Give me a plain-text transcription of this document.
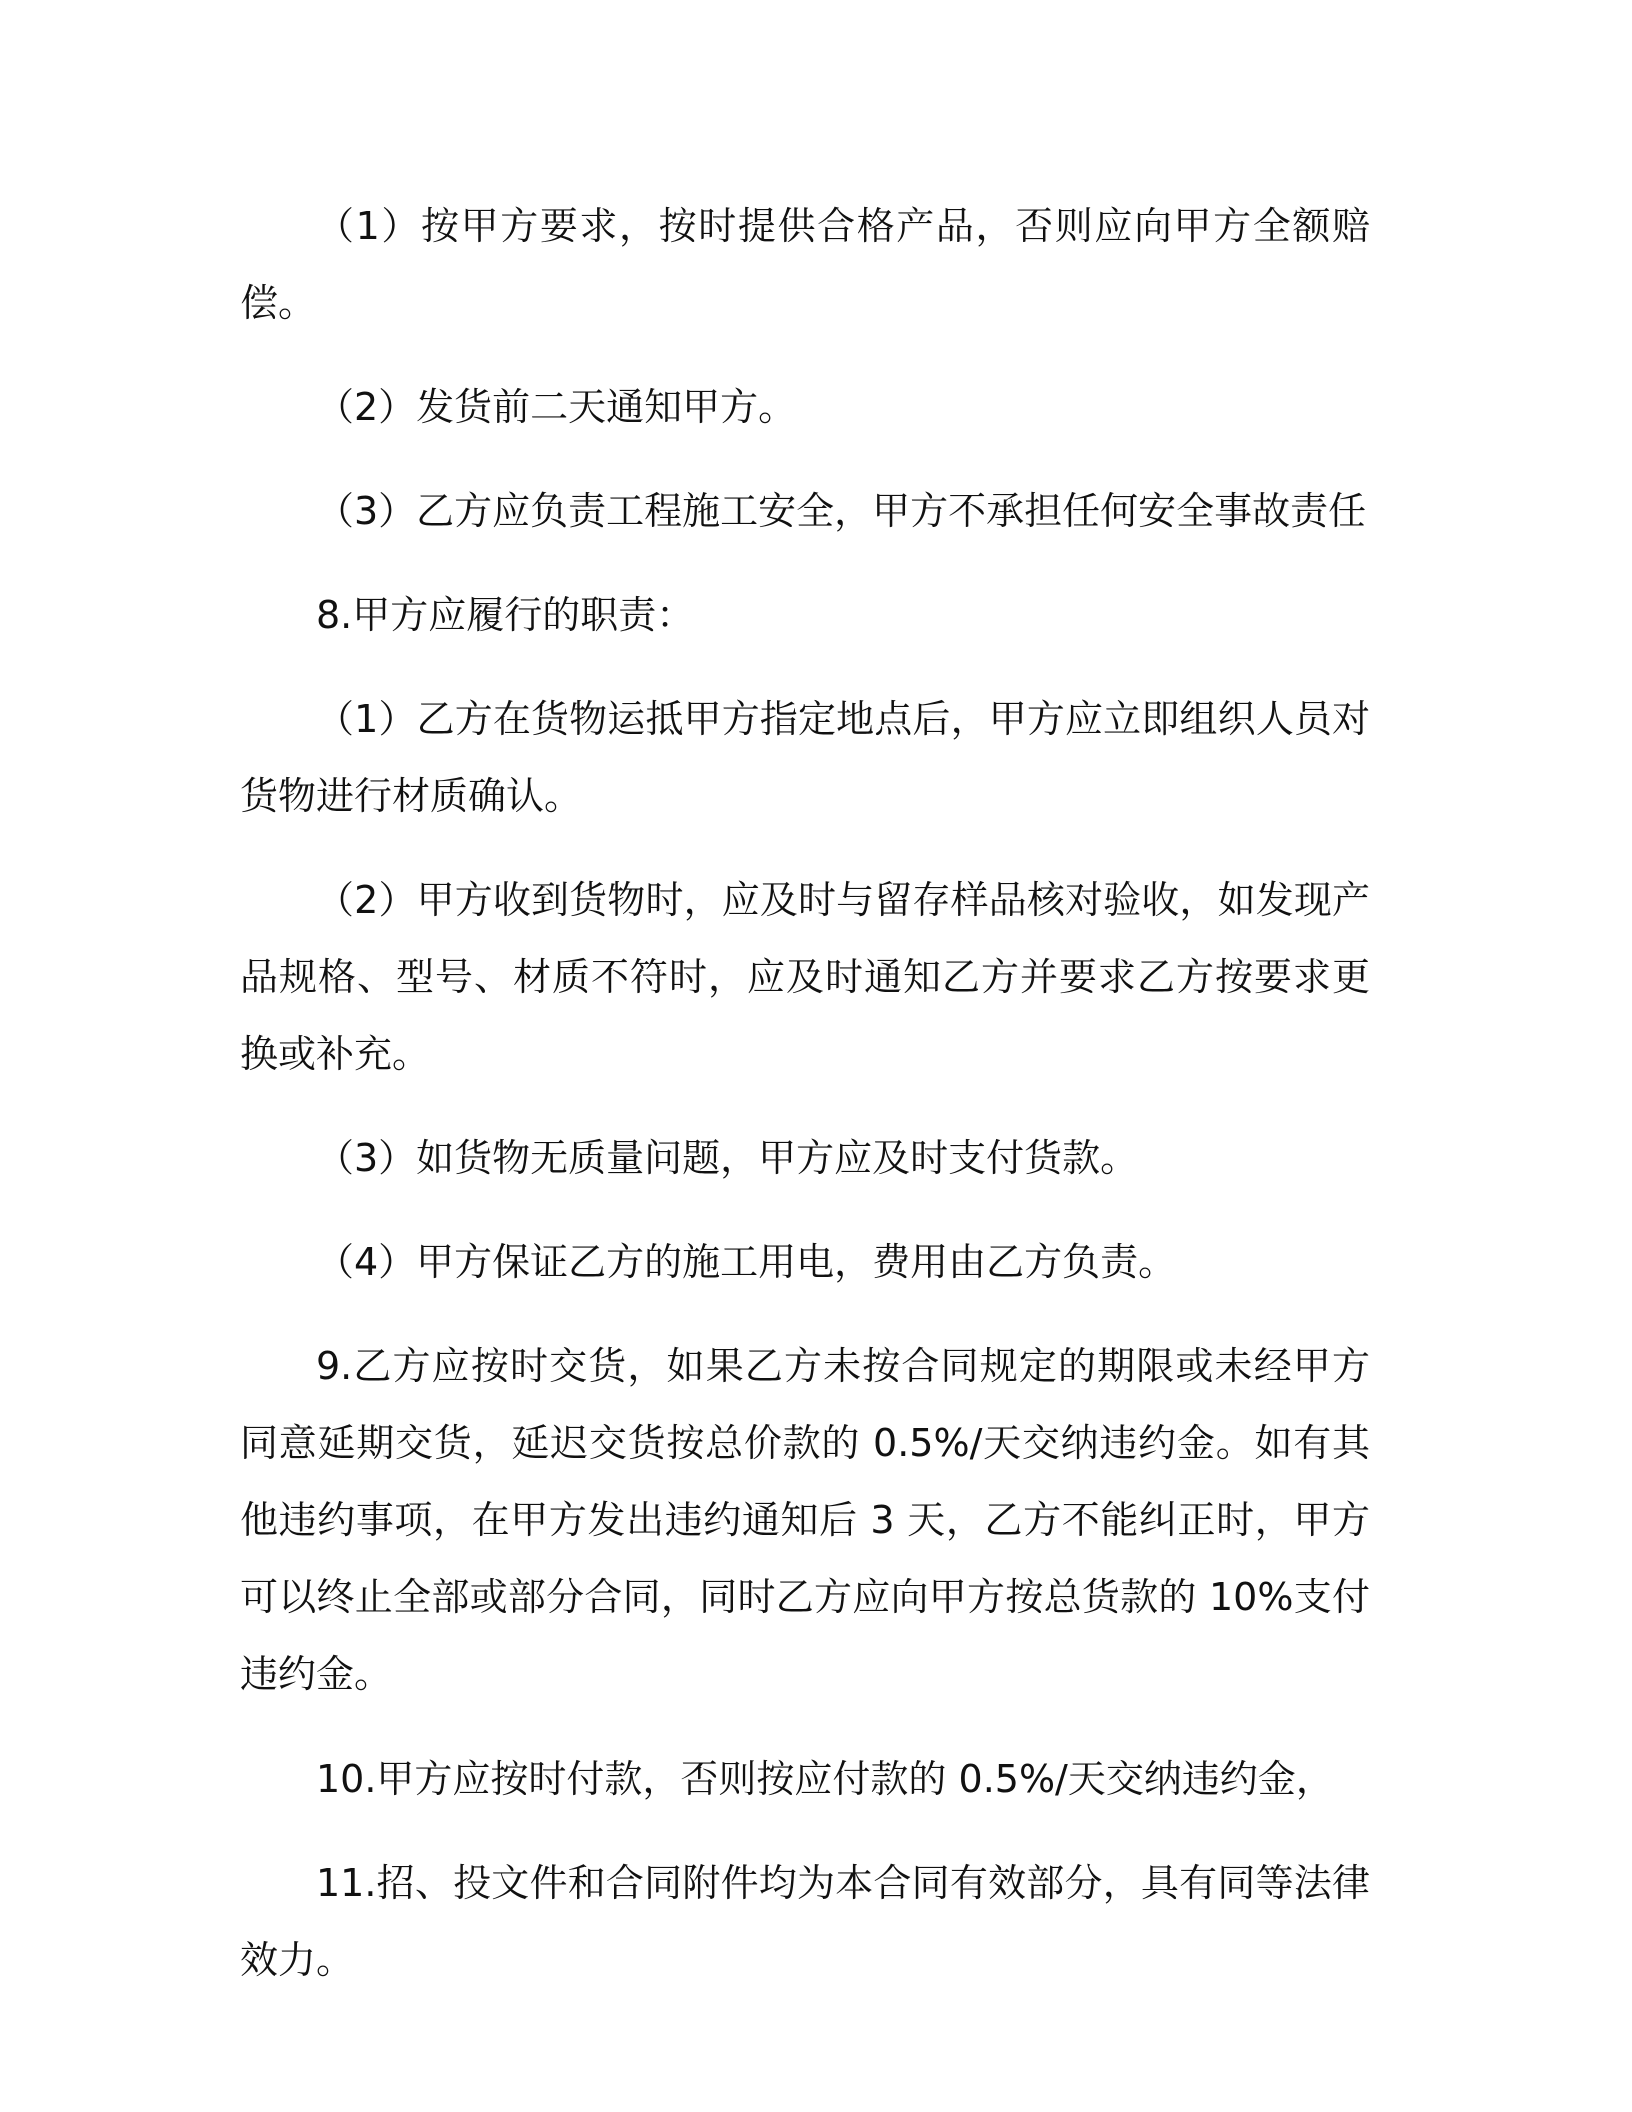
（1）按甲方要求，按时提供合格产品，否则应向甲方全额赔偿。

（2）发货前二天通知甲方。

（3）乙方应负责工程施工安全，甲方不承担任何安全事故责任

8.甲方应履行的职责：

（1）乙方在货物运抵甲方指定地点后，甲方应立即组织人员对货物进行材质确认。

（2）甲方收到货物时，应及时与留存样品核对验收，如发现产品规格、型号、材质不符时，应及时通知乙方并要求乙方按要求更换或补充。

（3）如货物无质量问题，甲方应及时支付货款。

（4）甲方保证乙方的施工用电，费用由乙方负责。

9.乙方应按时交货，如果乙方未按合同规定的期限或未经甲方同意延期交货，延迟交货按总价款的 0.5%/天交纳违约金。如有其他违约事项，在甲方发出违约通知后 3 天，乙方不能纠正时，甲方可以终止全部或部分合同，同时乙方应向甲方按总货款的 10%支付违约金。

10.甲方应按时付款，否则按应付款的 0.5%/天交纳违约金，

11.招、投文件和合同附件均为本合同有效部分，具有同等法律效力。
